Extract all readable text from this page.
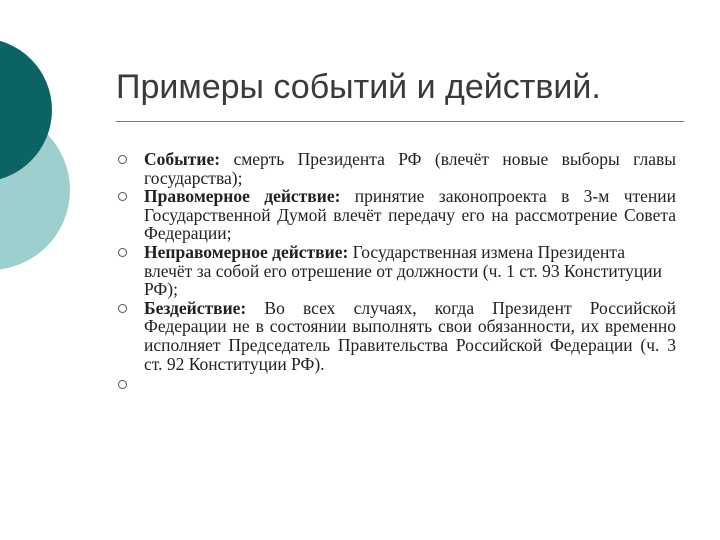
Примеры событий и действий.
Событие: смерть Президента РФ (влечёт новые выборы главы государства);
Правомерное действие: принятие законопроекта в 3-м чтении Государственной Думой влечёт передачу его на рассмотрение Совета Федерации;
Неправомерное действие: Государственная измена Президента влечёт за собой его отрешение от должности (ч. 1 ст. 93 Конституции РФ);
Бездействие: Во всех случаях, когда Президент Российской Федерации не в состоянии выполнять свои обязанности, их временно исполняет Председатель Правительства Российской Федерации (ч. 3 ст. 92 Конституции РФ).
